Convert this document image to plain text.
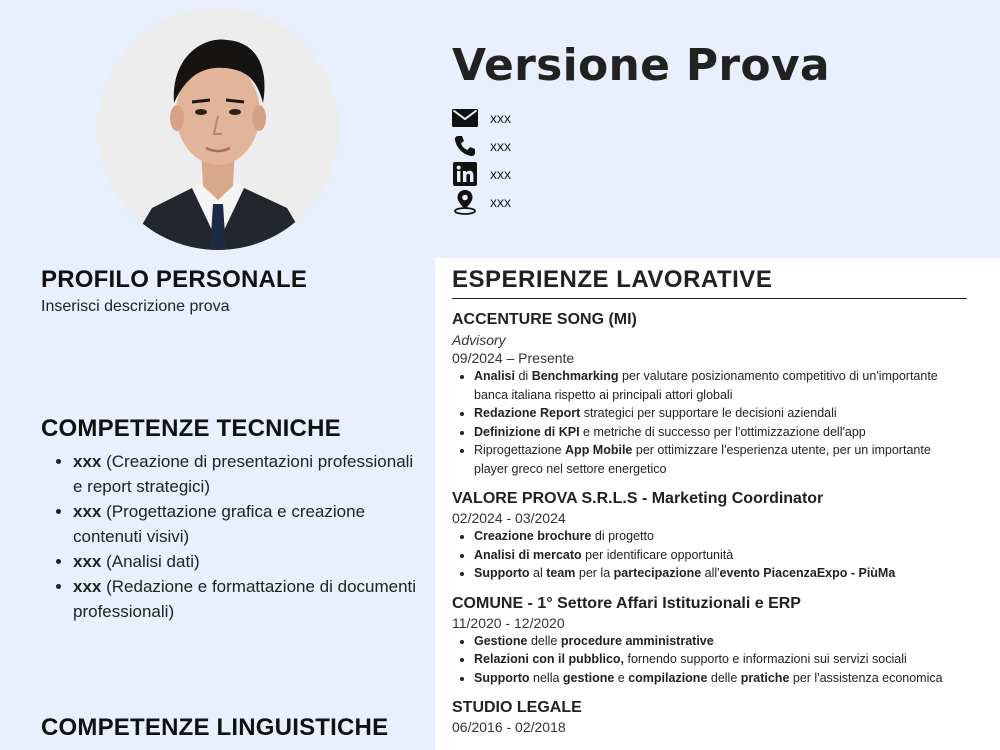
Versione Prova
xxx
xxx
xxx
xxx
PROFILO PERSONALE
Inserisci descrizione prova
COMPETENZE TECNICHE
• xxx (Creazione di presentazioni professionali e report strategici)
• xxx (Progettazione grafica e creazione contenuti visivi)
• xxx (Analisi dati)
• xxx (Redazione e formattazione di documenti professionali)
COMPETENZE LINGUISTICHE
ESPERIENZE LAVORATIVE
ACCENTURE SONG (MI)
Advisory
09/2024 – Presente
• Analisi di Benchmarking per valutare posizionamento competitivo di un'importante banca italiana rispetto ai principali attori globali
• Redazione Report strategici per supportare le decisioni aziendali
• Definizione di KPI e metriche di successo per l'ottimizzazione dell'app
• Riprogettazione App Mobile per ottimizzare l'esperienza utente, per un importante player greco nel settore energetico
VALORE PROVA S.R.L.S - Marketing Coordinator
02/2024 - 03/2024
• Creazione brochure di progetto
• Analisi di mercato per identificare opportunità
• Supporto al team per la partecipazione all'evento PiacenzaExpo - PiùMa
COMUNE - 1° Settore Affari Istituzionali e ERP
11/2020 - 12/2020
• Gestione delle procedure amministrative
• Relazioni con il pubblico, fornendo supporto e informazioni sui servizi sociali
• Supporto nella gestione e compilazione delle pratiche per l'assistenza economica
STUDIO LEGALE
06/2016 - 02/2018
